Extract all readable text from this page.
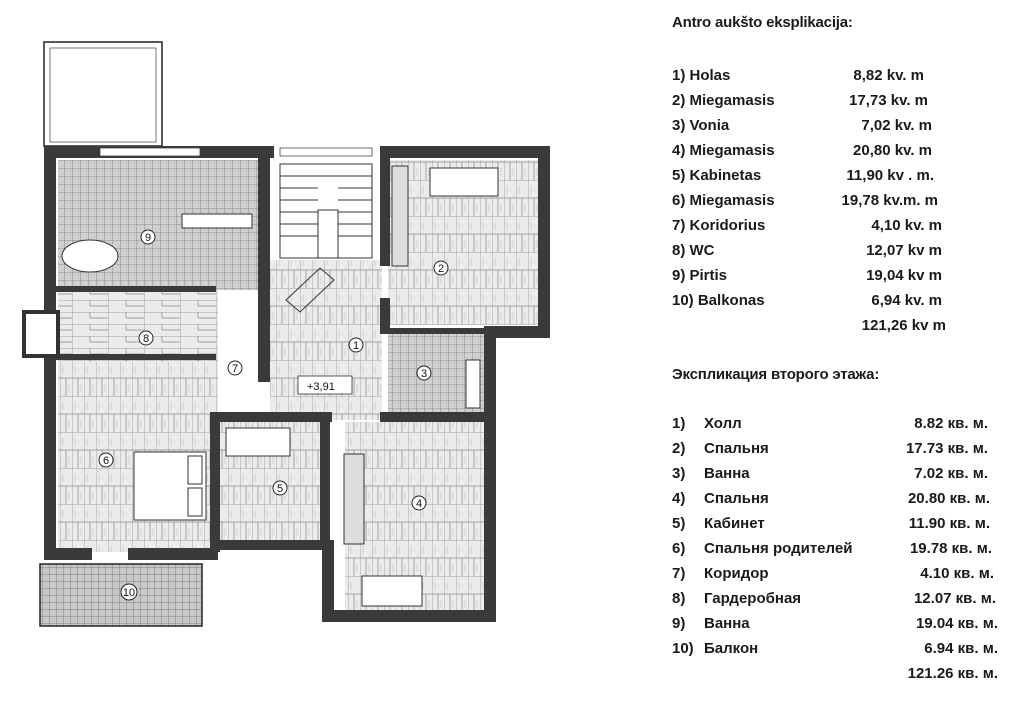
+3,91
1
2
3
4
5
6
7
8
9
10
Antro aukšto eksplikacija:
1) Holas	8,82 kv. m
2) Miegamasis	17,73 kv. m
3) Vonia	7,02 kv. m
4) Miegamasis	20,80 kv. m
5) Kabinetas	11,90 kv . m.
6) Miegamasis	19,78 kv.m. m
7) Koridorius	4,10 kv. m
8) WC	12,07 kv m
9) Pirtis	19,04 kv m
10) Balkonas	6,94 kv. m
121,26 kv m
Экспликация второго этажа:
1) Холл	8.82 кв. м.
2) Спальня	17.73 кв. м.
3) Ванна	7.02 кв. м.
4) Спальня	20.80 кв. м.
5) Кабинет	11.90 кв. м.
6) Спальня родителей	19.78 кв. м.
7) Коридор	4.10 кв. м.
8) Гардеробная	12.07 кв. м.
9) Ванна	19.04 кв. м.
10) Балкон	6.94 кв. м.
121.26 кв. м.
